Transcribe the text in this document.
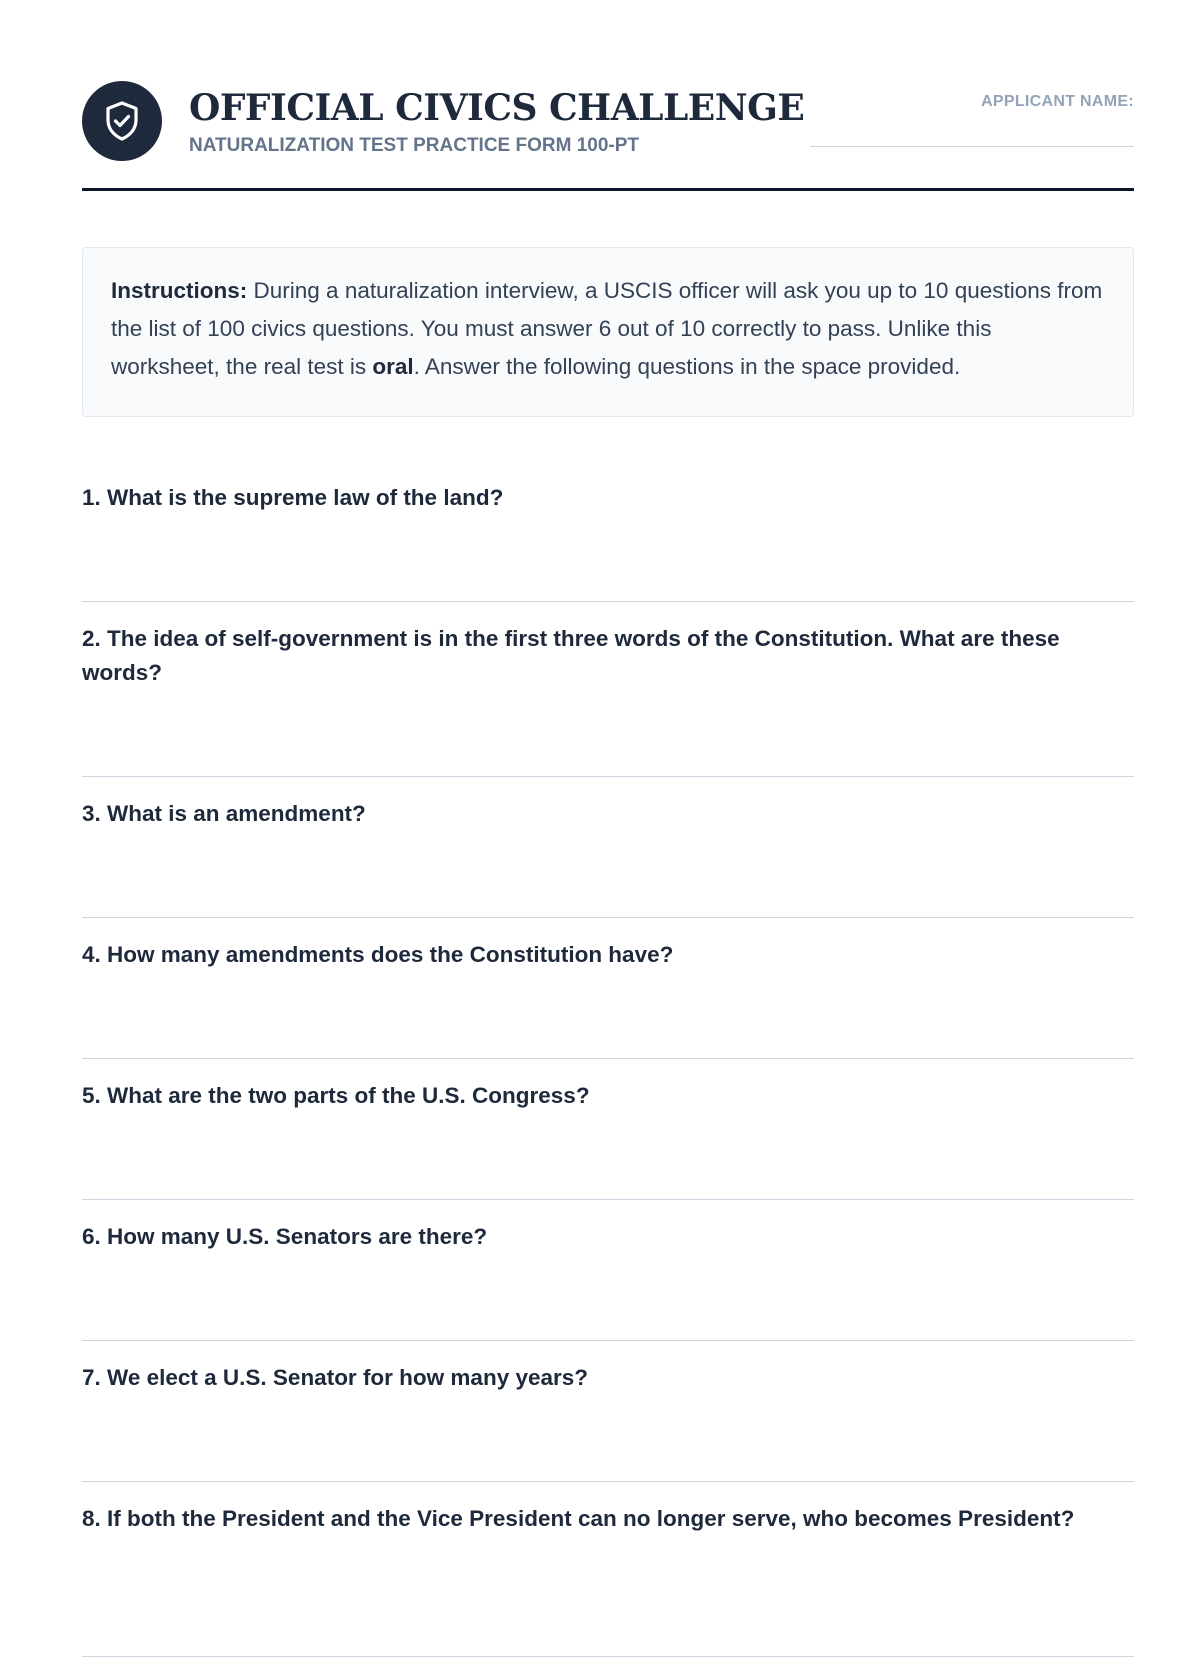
OFFICIAL CIVICS CHALLENGE
NATURALIZATION TEST PRACTICE FORM 100-PT
APPLICANT NAME:
Instructions: During a naturalization interview, a USCIS officer will ask you up to 10 questions from the list of 100 civics questions. You must answer 6 out of 10 correctly to pass. Unlike this worksheet, the real test is oral. Answer the following questions in the space provided.
1. What is the supreme law of the land?
2. The idea of self-government is in the first three words of the Constitution. What are these words?
3. What is an amendment?
4. How many amendments does the Constitution have?
5. What are the two parts of the U.S. Congress?
6. How many U.S. Senators are there?
7. We elect a U.S. Senator for how many years?
8. If both the President and the Vice President can no longer serve, who becomes President?
